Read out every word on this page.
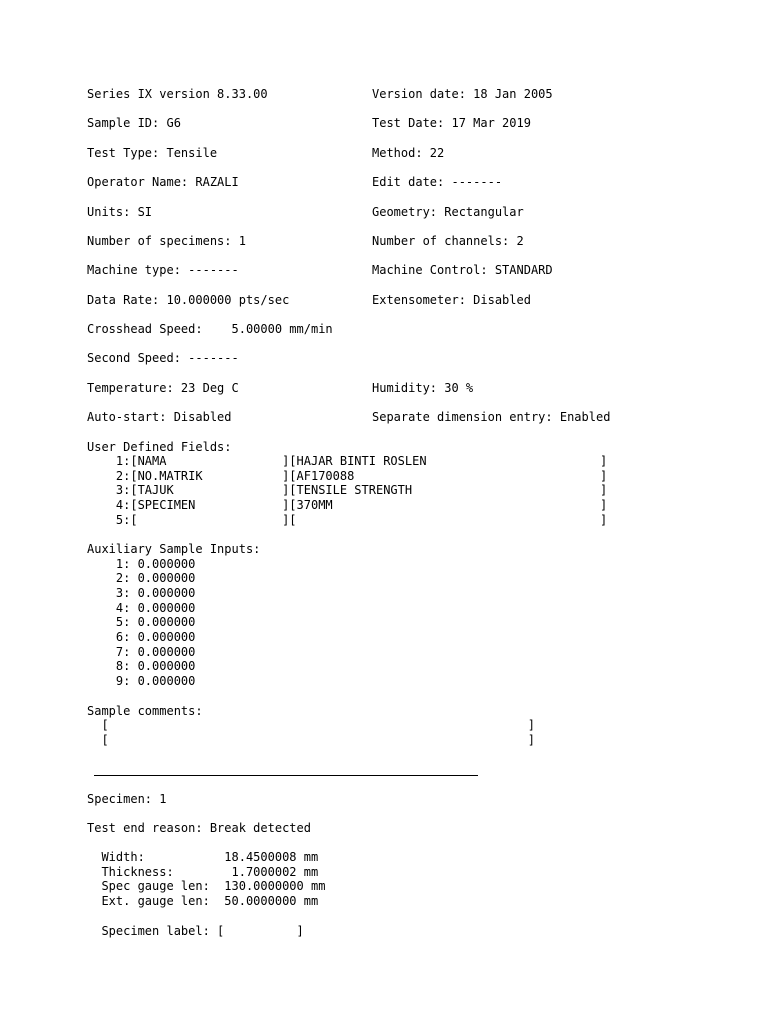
Series IX version 8.33.00	Version date: 18 Jan 2005
Sample ID: G6	Test Date: 17 Mar 2019
Test Type: Tensile	Method: 22
Operator Name: RAZALI	Edit date: -------
Units: SI	Geometry: Rectangular
Number of specimens: 1	Number of channels: 2
Machine type: -------	Machine Control: STANDARD
Data Rate: 10.000000 pts/sec	Extensometer: Disabled
Crosshead Speed:    5.00000 mm/min
Second Speed: -------
Temperature: 23 Deg C	Humidity: 30 %
Auto-start: Disabled	Separate dimension entry: Enabled
User Defined Fields:
1:[NAMA                ][HAJAR BINTI ROSLEN                        ]
2:[NO.MATRIK           ][AF170088                                  ]
3:[TAJUK               ][TENSILE STRENGTH                          ]
4:[SPECIMEN            ][370MM                                     ]
5:[                    ][                                          ]
Auxiliary Sample Inputs:
1: 0.000000
2: 0.000000
3: 0.000000
4: 0.000000
5: 0.000000
6: 0.000000
7: 0.000000
8: 0.000000
9: 0.000000
Sample comments:
[                                                          ]
[                                                          ]
Specimen: 1
Test end reason: Break detected
Width:           18.4500008 mm
Thickness:        1.7000002 mm
Spec gauge len:  130.0000000 mm
Ext. gauge len:  50.0000000 mm
Specimen label: [          ]
